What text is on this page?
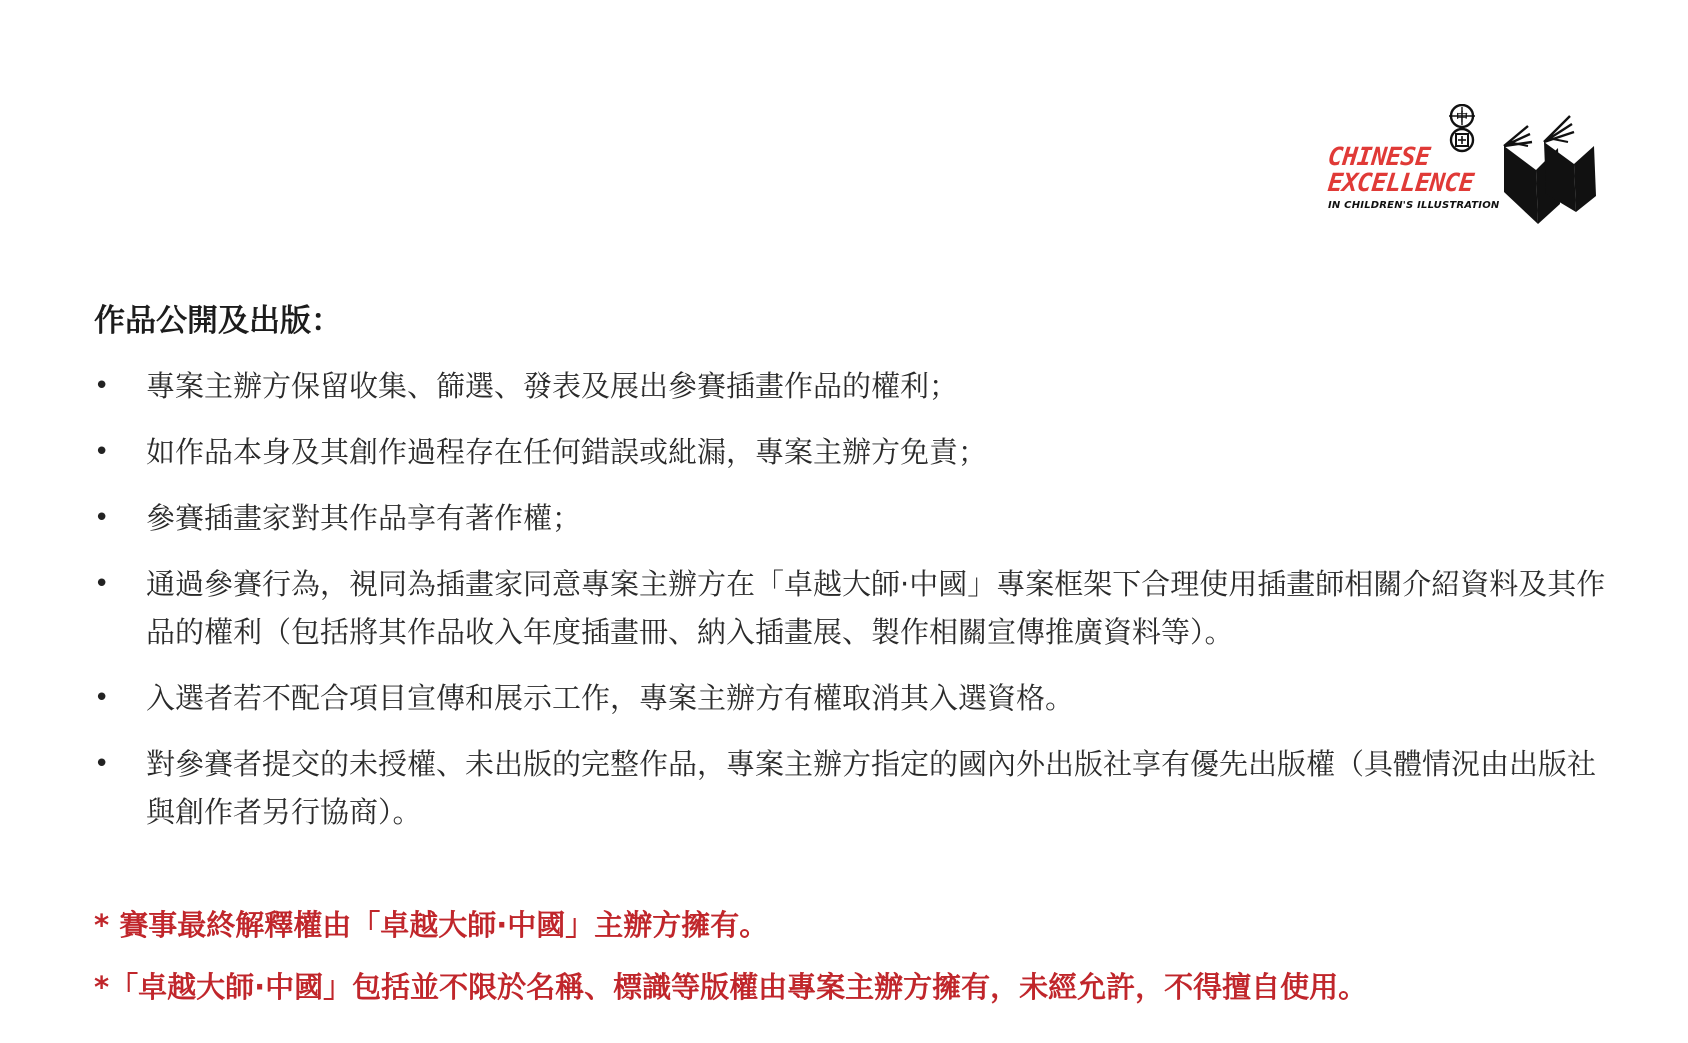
中
CHINESE
EXCELLENCE
IN CHILDREN'S ILLUSTRATION
作品公開及出版：
• 專案主辦方保留收集、篩選、發表及展出參賽插畫作品的權利；
• 如作品本身及其創作過程存在任何錯誤或紕漏，專案主辦方免責；
• 參賽插畫家對其作品享有著作權；
• 通過參賽行為，視同為插畫家同意專案主辦方在「卓越大師·中國」專案框架下合理使用插畫師相關介紹資料及其作品的權利（包括將其作品收入年度插畫冊、納入插畫展、製作相關宣傳推廣資料等）。
• 入選者若不配合項目宣傳和展示工作，專案主辦方有權取消其入選資格。
• 對參賽者提交的未授權、未出版的完整作品，專案主辦方指定的國內外出版社享有優先出版權（具體情況由出版社與創作者另行協商）。

* 賽事最終解釋權由「卓越大師·中國」主辦方擁有。

*「卓越大師·中國」包括並不限於名稱、標識等版權由專案主辦方擁有，未經允許，不得擅自使用。
